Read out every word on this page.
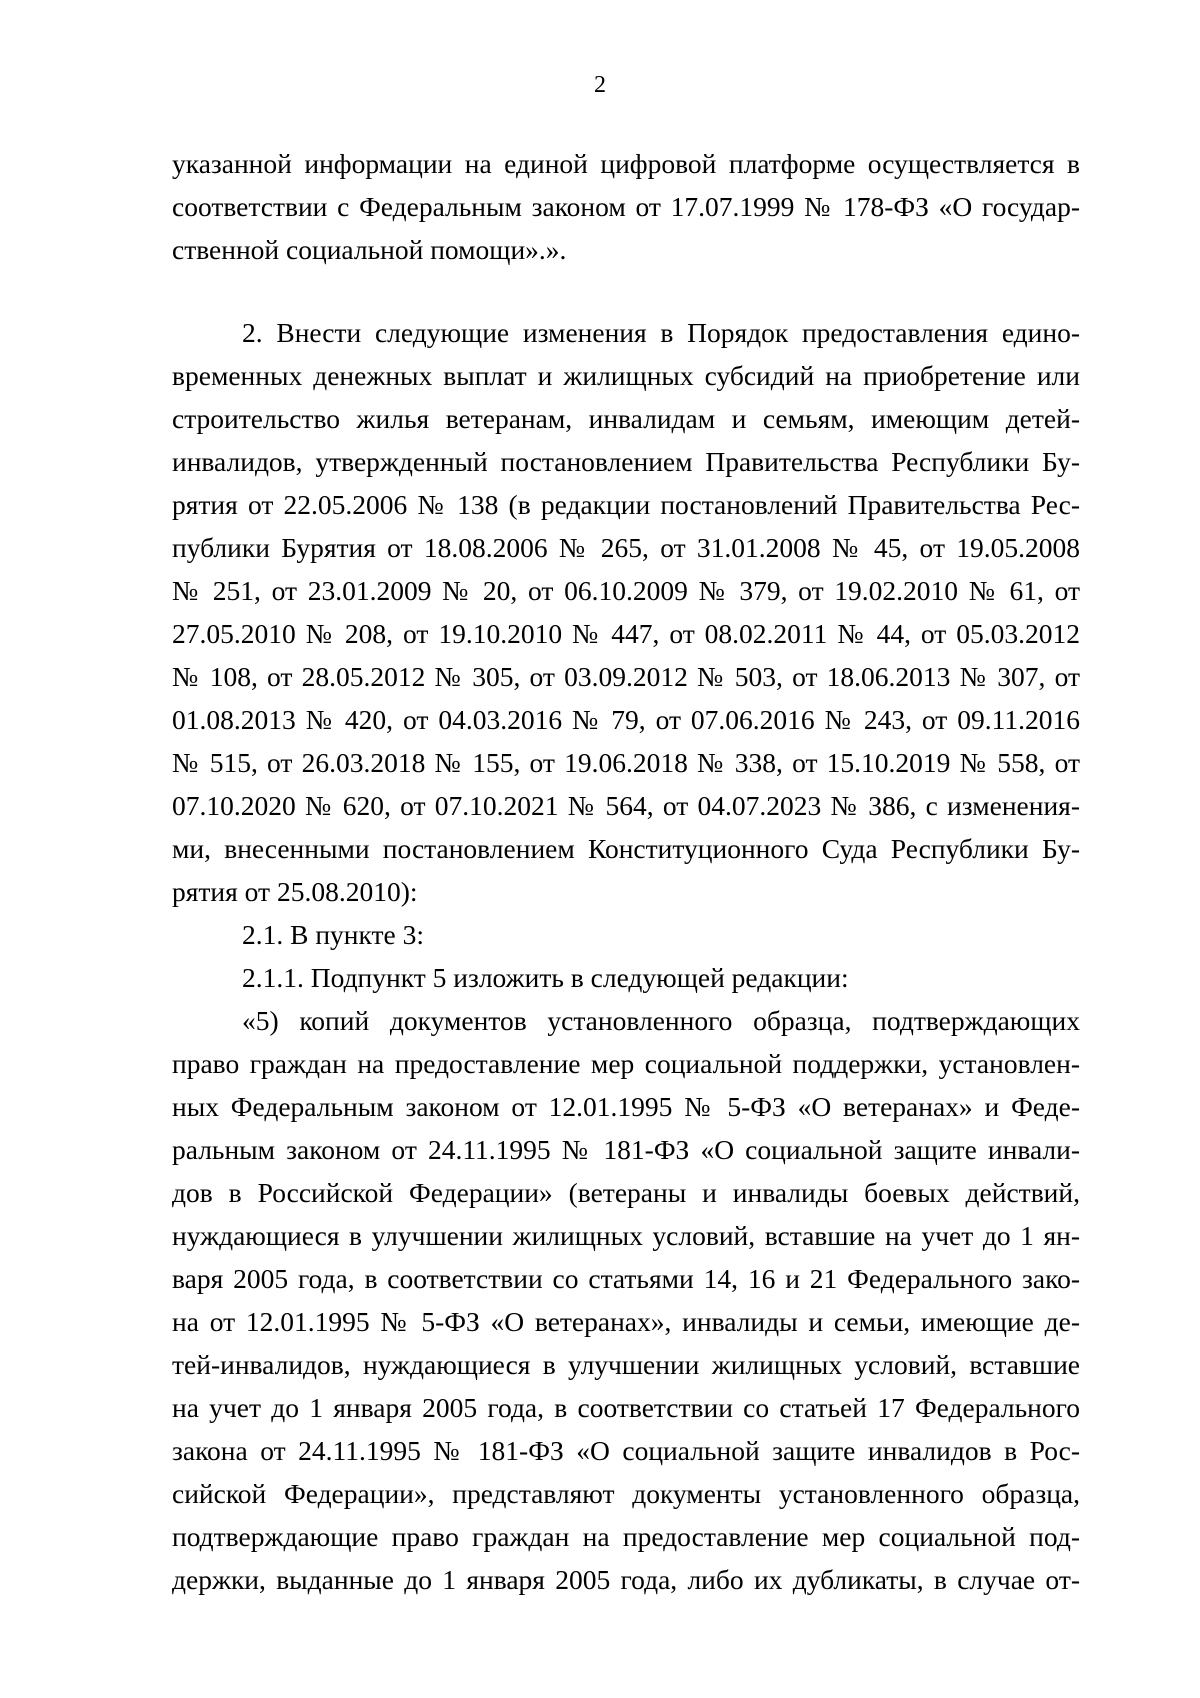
2

указанной информации на единой цифровой платформе осуществляется в

соответствии с Федеральным законом от 17.07.1999 № 178-ФЗ «О государ-

ственной социальной помощи».».

2. Внести следующие изменения в Порядок предоставления едино-

временных денежных выплат и жилищных субсидий на приобретение или

строительство жилья ветеранам, инвалидам и семьям, имеющим детей-

инвалидов, утвержденный постановлением Правительства Республики Бу-

рятия от 22.05.2006 № 138 (в редакции постановлений Правительства Рес-

публики Бурятия от 18.08.2006 № 265, от 31.01.2008 № 45, от 19.05.2008

№ 251, от 23.01.2009 № 20, от 06.10.2009 № 379, от 19.02.2010 № 61, от

27.05.2010 № 208, от 19.10.2010 № 447, от 08.02.2011 № 44, от 05.03.2012

№ 108, от 28.05.2012 № 305, от 03.09.2012 № 503, от 18.06.2013 № 307, от

01.08.2013 № 420, от 04.03.2016 № 79, от 07.06.2016 № 243, от 09.11.2016

№ 515, от 26.03.2018 № 155, от 19.06.2018 № 338, от 15.10.2019 № 558, от

07.10.2020 № 620, от 07.10.2021 № 564, от 04.07.2023 № 386, с изменения-

ми, внесенными постановлением Конституционного Суда Республики Бу-

рятия от 25.08.2010):

2.1. В пункте 3:

2.1.1. Подпункт 5 изложить в следующей редакции:

«5) копий документов установленного образца, подтверждающих

право граждан на предоставление мер социальной поддержки, установлен-

ных Федеральным законом от 12.01.1995 № 5-ФЗ «О ветеранах» и Феде-

ральным законом от 24.11.1995 № 181-ФЗ «О социальной защите инвали-

дов в Российской Федерации» (ветераны и инвалиды боевых действий,

нуждающиеся в улучшении жилищных условий, вставшие на учет до 1 ян-

варя 2005 года, в соответствии со статьями 14, 16 и 21 Федерального зако-

на от 12.01.1995 № 5-ФЗ «О ветеранах», инвалиды и семьи, имеющие де-

тей-инвалидов, нуждающиеся в улучшении жилищных условий, вставшие

на учет до 1 января 2005 года, в соответствии со статьей 17 Федерального

закона от 24.11.1995 № 181-ФЗ «О социальной защите инвалидов в Рос-

сийской Федерации», представляют документы установленного образца,

подтверждающие право граждан на предоставление мер социальной под-

держки, выданные до 1 января 2005 года, либо их дубликаты, в случае от-
